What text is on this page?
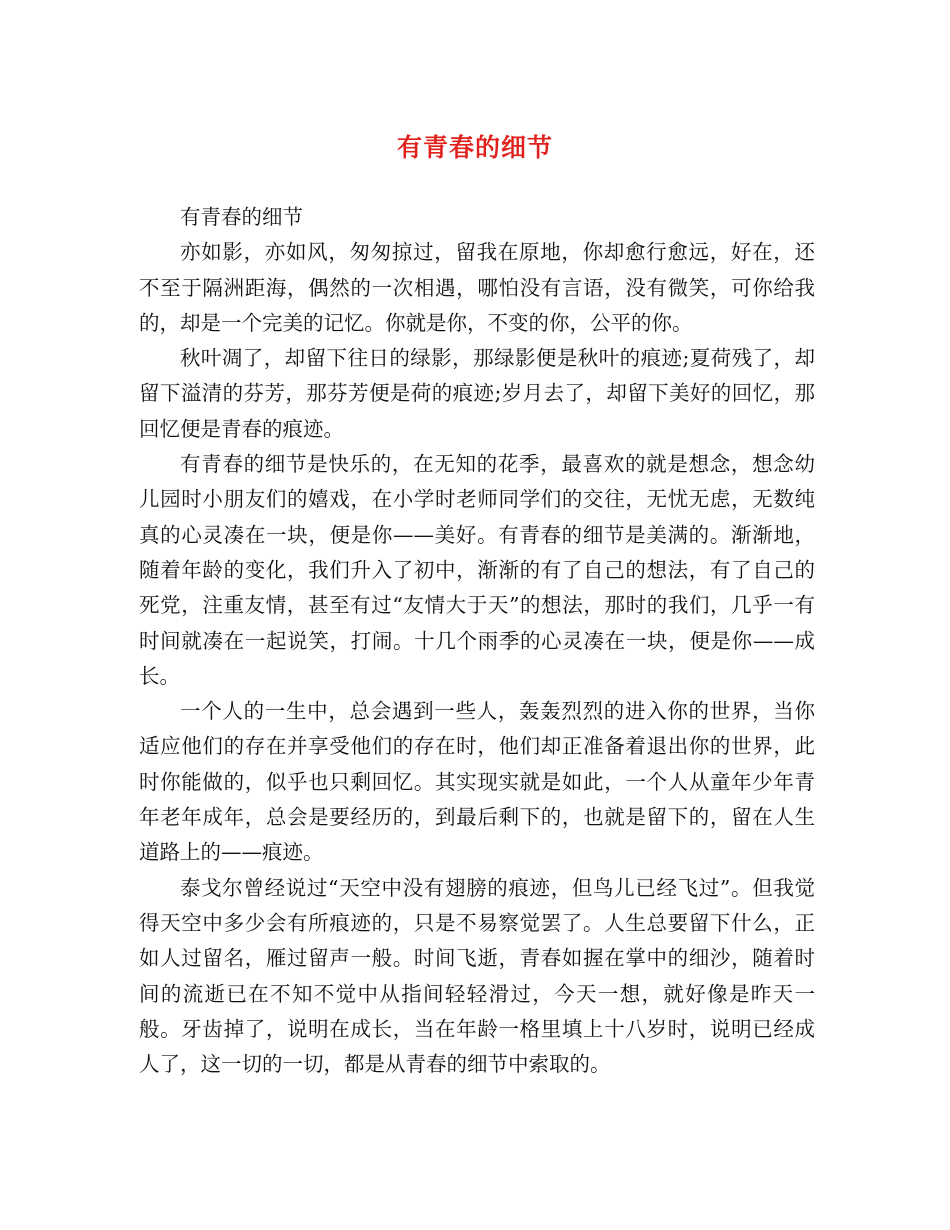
有青春的细节

有青春的细节

亦如影，亦如风，匆匆掠过，留我在原地，你却愈行愈远，好在，还不至于隔洲距海，偶然的一次相遇，哪怕没有言语，没有微笑，可你给我的，却是一个完美的记忆。你就是你，不变的你，公平的你。

秋叶凋了，却留下往日的绿影，那绿影便是秋叶的痕迹;夏荷残了，却留下溢清的芬芳，那芬芳便是荷的痕迹;岁月去了，却留下美好的回忆，那回忆便是青春的痕迹。

有青春的细节是快乐的，在无知的花季，最喜欢的就是想念，想念幼儿园时小朋友们的嬉戏，在小学时老师同学们的交往，无忧无虑，无数纯真的心灵凑在一块，便是你——美好。有青春的细节是美满的。渐渐地，随着年龄的变化，我们升入了初中，渐渐的有了自己的想法，有了自己的死党，注重友情，甚至有过“友情大于天”的想法，那时的我们，几乎一有时间就凑在一起说笑，打闹。十几个雨季的心灵凑在一块，便是你——成长。

一个人的一生中，总会遇到一些人，轰轰烈烈的进入你的世界，当你适应他们的存在并享受他们的存在时，他们却正准备着退出你的世界，此时你能做的，似乎也只剩回忆。其实现实就是如此，一个人从童年少年青年老年成年，总会是要经历的，到最后剩下的，也就是留下的，留在人生道路上的——痕迹。

泰戈尔曾经说过“天空中没有翅膀的痕迹，但鸟儿已经飞过”。但我觉得天空中多少会有所痕迹的，只是不易察觉罢了。人生总要留下什么，正如人过留名，雁过留声一般。时间飞逝，青春如握在掌中的细沙，随着时间的流逝已在不知不觉中从指间轻轻滑过，今天一想，就好像是昨天一般。牙齿掉了，说明在成长，当在年龄一格里填上十八岁时，说明已经成人了，这一切的一切，都是从青春的细节中索取的。
